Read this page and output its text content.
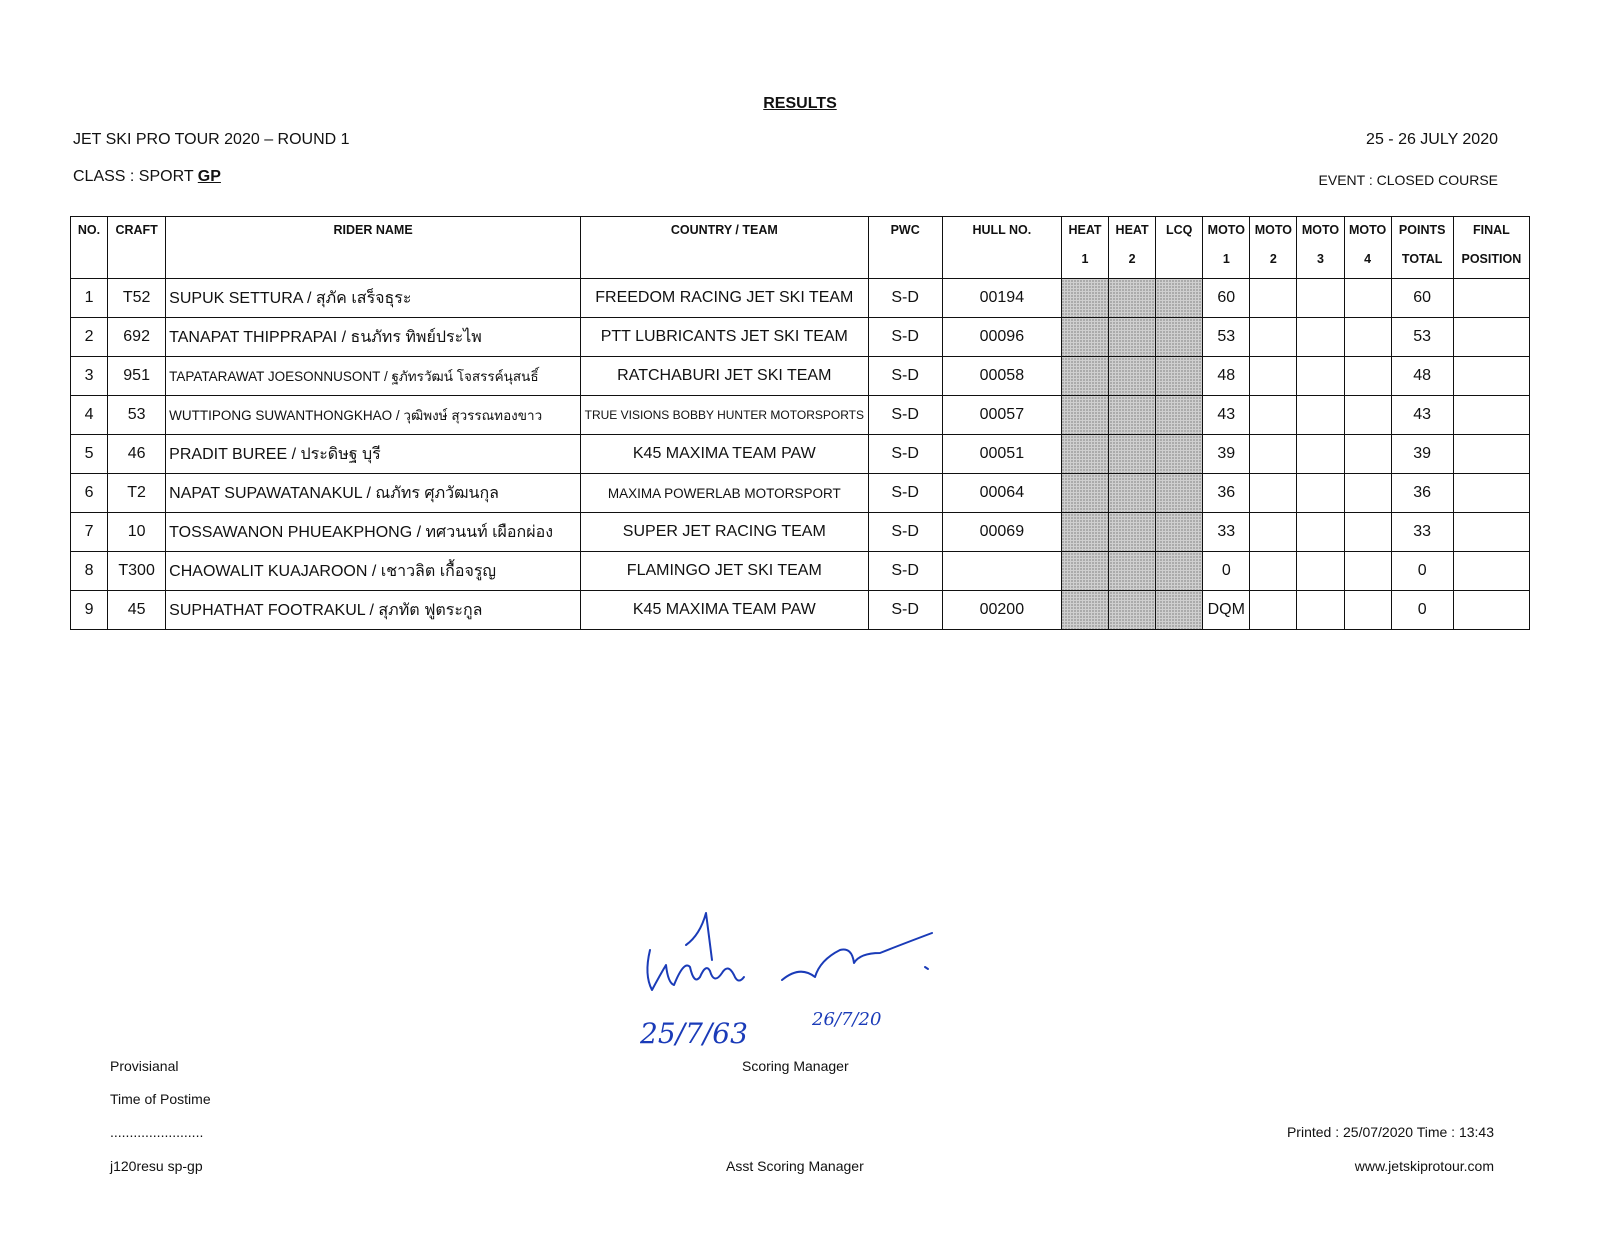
RESULTS
JET SKI PRO TOUR 2020 – ROUND 1	25 - 26 JULY 2020
CLASS : SPORT GP	EVENT : CLOSED COURSE
NO.	CRAFT	RIDER NAME	COUNTRY / TEAM	PWC	HULL NO.	HEAT	HEAT	LCQ	MOTO	MOTO	MOTO	MOTO	POINTS	FINAL
						1	2		1	2	3	4	TOTAL	POSITION
1	T52	SUPUK SETTURA / สุภัค เสร็จธุระ	FREEDOM RACING JET SKI TEAM	S-D	00194				60				60	
2	692	TANAPAT THIPPRAPAI / ธนภัทร ทิพย์ประไพ	PTT LUBRICANTS JET SKI TEAM	S-D	00096				53				53	
3	951	TAPATARAWAT JOESONNUSONT / ฐภัทรวัฒน์ โจสรรค์นุสนธิ์	RATCHABURI JET SKI TEAM	S-D	00058				48				48	
4	53	WUTTIPONG SUWANTHONGKHAO / วุฒิพงษ์ สุวรรณทองขาว	TRUE VISIONS BOBBY HUNTER MOTORSPORTS	S-D	00057				43				43	
5	46	PRADIT BUREE / ประดิษฐ บุรี	K45 MAXIMA TEAM PAW	S-D	00051				39				39	
6	T2	NAPAT SUPAWATANAKUL / ณภัทร ศุภวัฒนกุล	MAXIMA POWERLAB MOTORSPORT	S-D	00064				36				36	
7	10	TOSSAWANON PHUEAKPHONG / ทศวนนท์ เผือกผ่อง	SUPER JET RACING TEAM	S-D	00069				33				33	
8	T300	CHAOWALIT KUAJAROON / เชาวลิต เกื้อจรูญ	FLAMINGO JET SKI TEAM	S-D					0				0	
9	45	SUPHATHAT FOOTRAKUL / สุภทัต ฟูตระกูล	K45 MAXIMA TEAM PAW	S-D	00200				DQM				0	
25/7/63	26/7/20
Provisianal
Time of Postime
........................
j120resu sp-gp
Scoring Manager
Asst Scoring Manager
Printed : 25/07/2020 Time : 13:43
www.jetskiprotour.com
